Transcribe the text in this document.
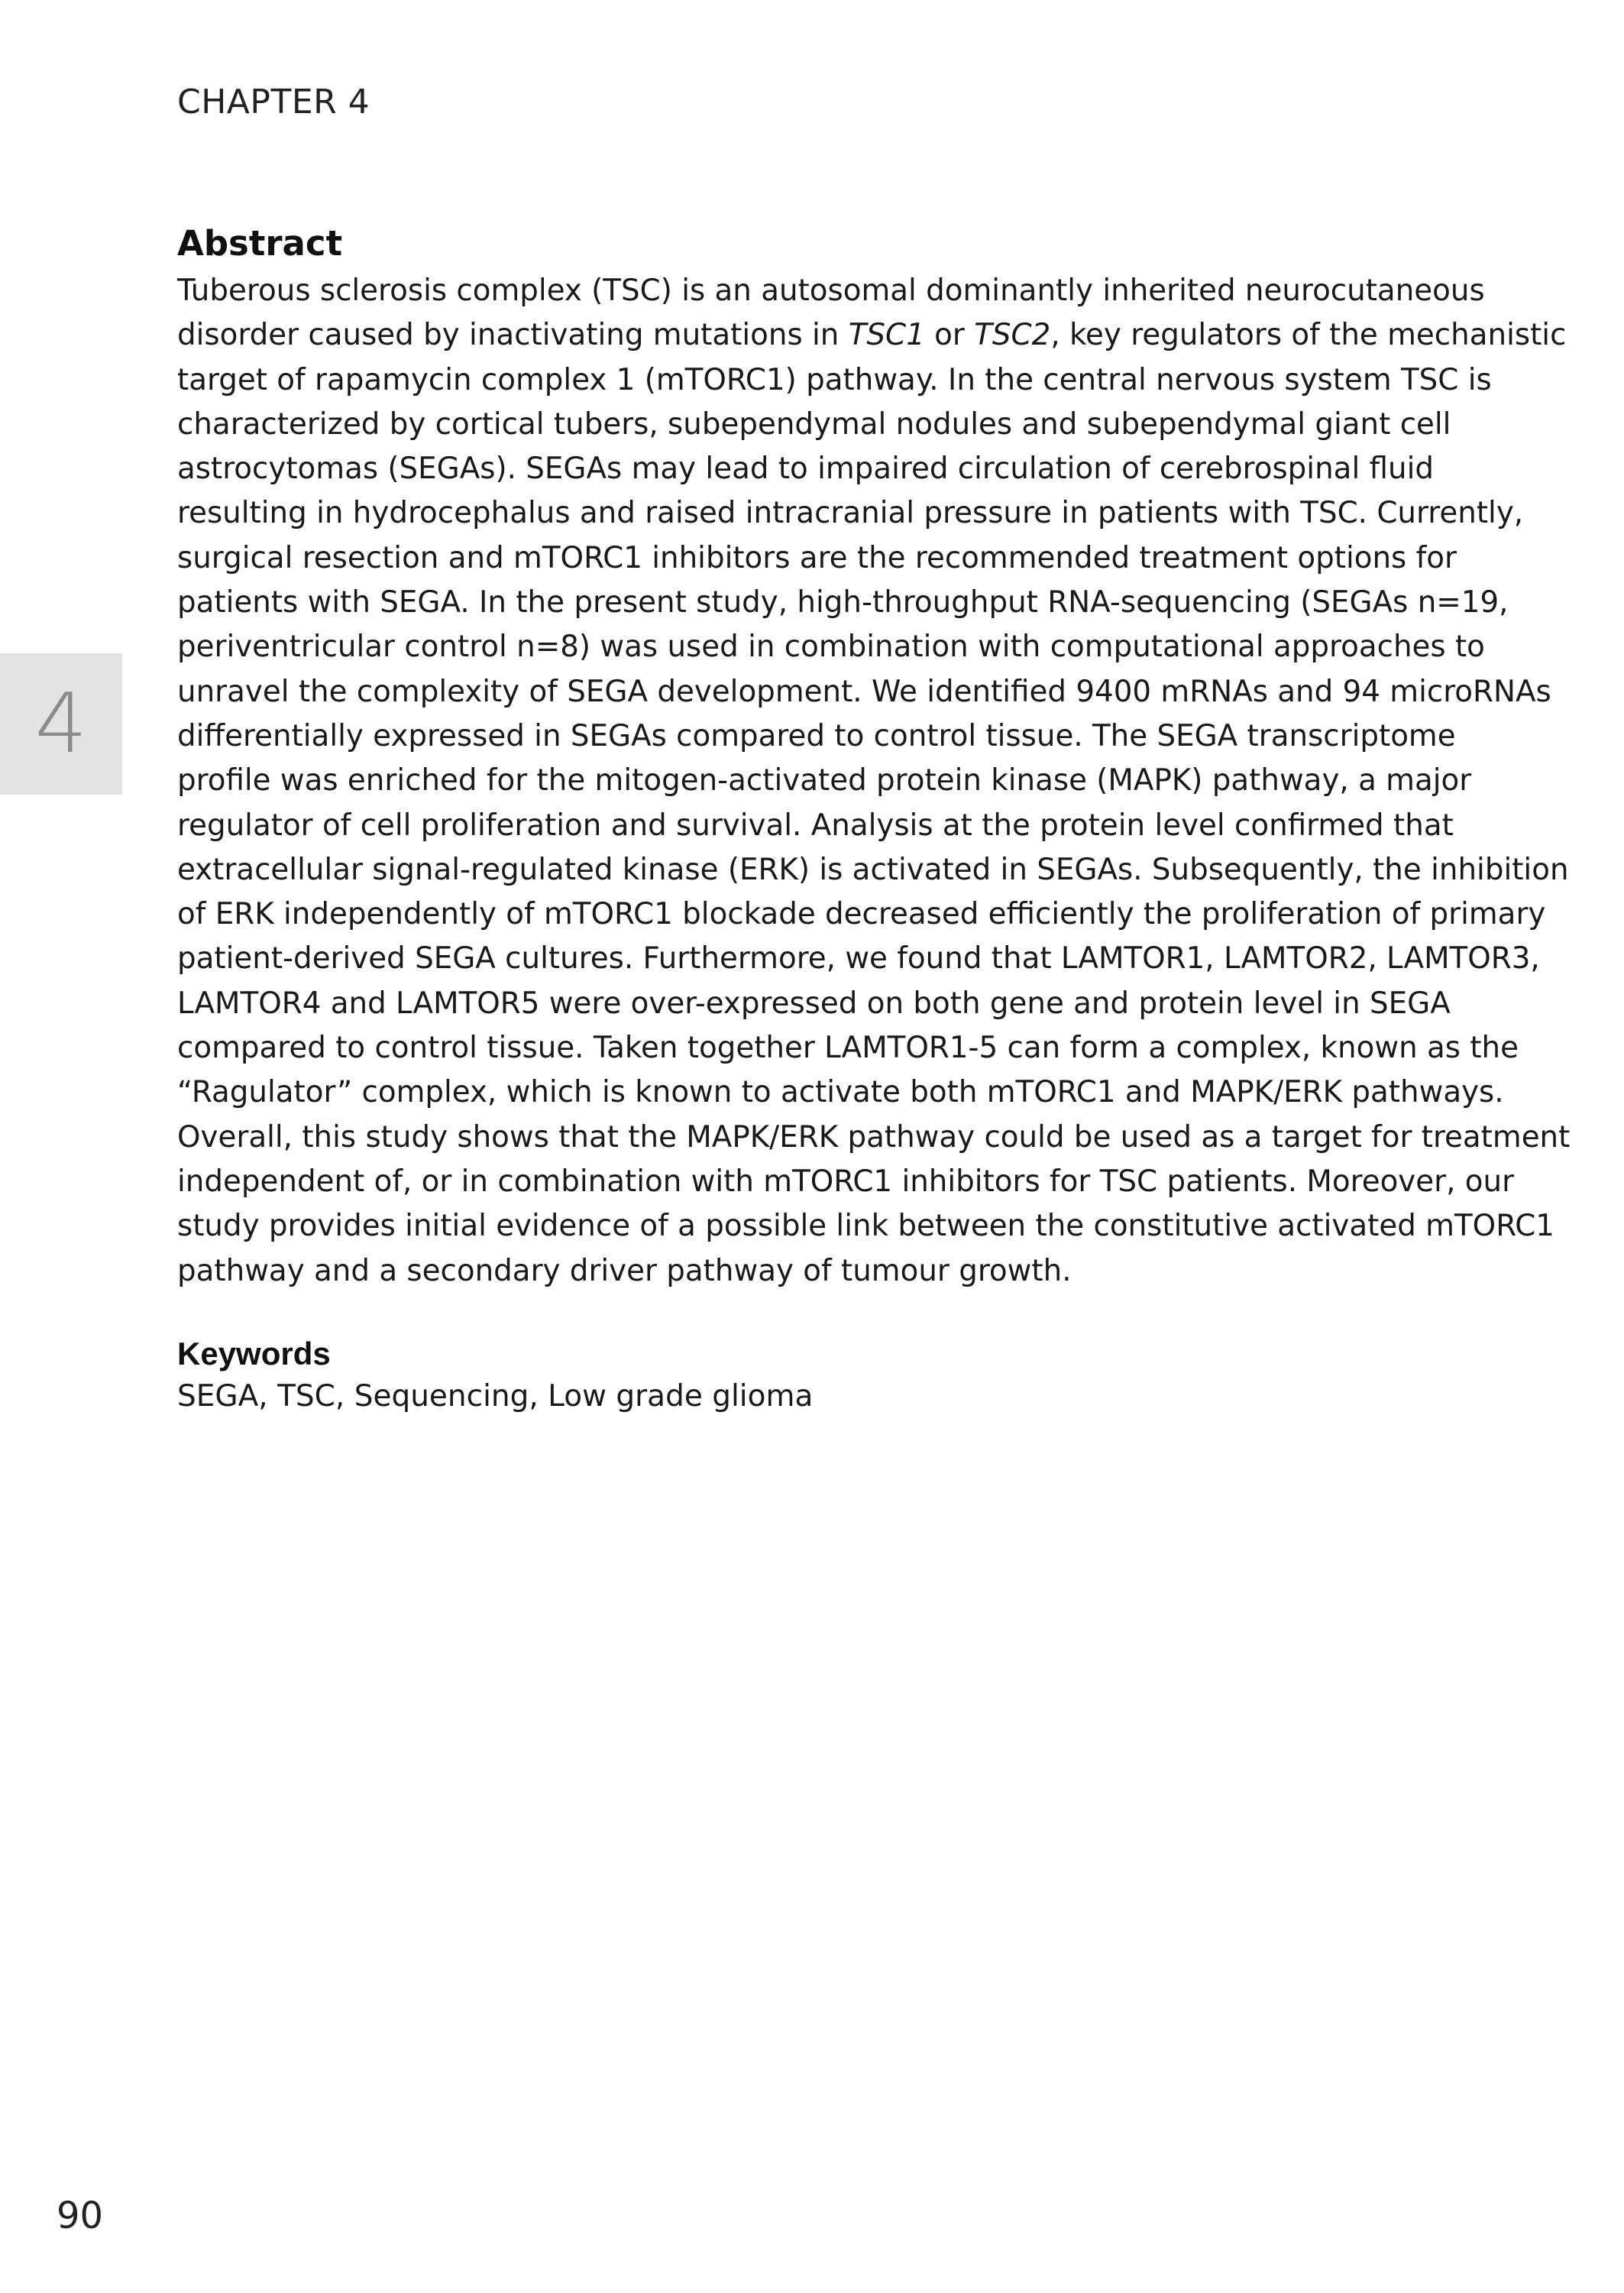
CHAPTER 4
4
Abstract
Tuberous sclerosis complex (TSC) is an autosomal dominantly inherited neurocutaneous
disorder caused by inactivating mutations in TSC1 or TSC2, key regulators of the mechanistic
target of rapamycin complex 1 (mTORC1) pathway. In the central nervous system TSC is
characterized by cortical tubers, subependymal nodules and subependymal giant cell
astrocytomas (SEGAs). SEGAs may lead to impaired circulation of cerebrospinal fluid
resulting in hydrocephalus and raised intracranial pressure in patients with TSC. Currently,
surgical resection and mTORC1 inhibitors are the recommended treatment options for
patients with SEGA. In the present study, high-throughput RNA-sequencing (SEGAs n=19,
periventricular control n=8) was used in combination with computational approaches to
unravel the complexity of SEGA development. We identified 9400 mRNAs and 94 microRNAs
differentially expressed in SEGAs compared to control tissue. The SEGA transcriptome
profile was enriched for the mitogen-activated protein kinase (MAPK) pathway, a major
regulator of cell proliferation and survival. Analysis at the protein level confirmed that
extracellular signal-regulated kinase (ERK) is activated in SEGAs. Subsequently, the inhibition
of ERK independently of mTORC1 blockade decreased efficiently the proliferation of primary
patient-derived SEGA cultures. Furthermore, we found that LAMTOR1, LAMTOR2, LAMTOR3,
LAMTOR4 and LAMTOR5 were over-expressed on both gene and protein level in SEGA
compared to control tissue. Taken together LAMTOR1-5 can form a complex, known as the
“Ragulator” complex, which is known to activate both mTORC1 and MAPK/ERK pathways.
Overall, this study shows that the MAPK/ERK pathway could be used as a target for treatment
independent of, or in combination with mTORC1 inhibitors for TSC patients. Moreover, our
study provides initial evidence of a possible link between the constitutive activated mTORC1
pathway and a secondary driver pathway of tumour growth.
Keywords
SEGA, TSC, Sequencing, Low grade glioma
90
